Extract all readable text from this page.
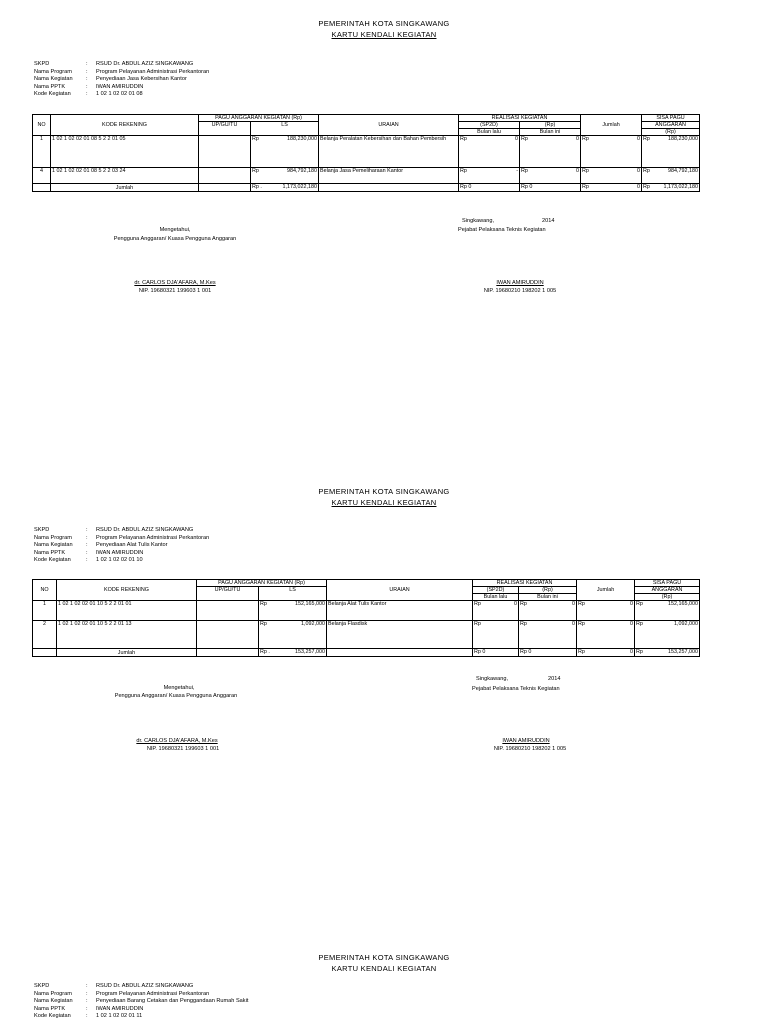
PEMERINTAH KOTA SINGKAWANG
KARTU KENDALI KEGIATAN
SKPD	: RSUD Dr. ABDUL AZIZ SINGKAWANG
Nama Program	: Program Pelayanan Administrasi Perkantoran
Nama Kegiatan : Penyediaan Jasa Kebersihan Kantor
Nama PPTK	: IWAN AMIRUDDIN
Kode Kegiatan	: 1 02 1 02 02 01 08
NO	KODE REKENING	PAGU ANGGARAN KEGIATAN (Rp)		URAIAN	REALISASI KEGIATAN		Jumlah	SISA PAGU
		UP/GU/TU	LS		(SP2D)	(Rp)		ANGGARAN
					Bulan lalu	Bulan ini		(Rp)
1	1 02 1 02 02 01 08 5 2 2 01 05		Rp 188,230,000	Belanja Peralatan Kebersihan dan Bahan Pembersih	Rp 0	Rp 0	Rp 0	Rp 188,230,000

4	1 02 1 02 02 01 08 5 2 2 03 24		Rp 984,792,180	Belanja Jasa Pemeliharaan Kantor	Rp -	Rp 0	Rp 0	Rp 984,792,180

	Jumlah		Rp . 1,173,022,180		Rp 0	Rp 0	Rp 0	Rp 1,173,022,180
Singkawang,	2014
Pejabat Pelaksana Teknis Kegiatan
Mengetahui,
Pengguna Anggaran/ Kuasa Pengguna Anggaran
dr. CARLOS DJA'AFARA, M.Kes
NIP. 19680321 199603 1 001
IWAN AMIRUDDIN
NIP. 19680210 198202 1 005
PEMERINTAH KOTA SINGKAWANG
KARTU KENDALI KEGIATAN
SKPD	: RSUD Dr. ABDUL AZIZ SINGKAWANG
Nama Program	: Program Pelayanan Administrasi Perkantoran
Nama Kegiatan : Penyediaan Alat Tulis Kantor
Nama PPTK	: IWAN AMIRUDDIN
Kode Kegiatan	: 1 02 1 02 02 01 10
NO	KODE REKENING	PAGU ANGGARAN KEGIATAN (Rp)		URAIAN	REALISASI KEGIATAN		Jumlah	SISA PAGU
		UP/GU/TU	LS		(SP2D)	(Rp)		ANGGARAN
					Bulan lalu	Bulan ini		(Rp)
1	1 02 1 02 02 01 10 5 2 2 01 01		Rp 152,165,000	Belanja Alat Tulis Kantor	Rp 0	Rp 0	Rp 0	Rp 152,165,000

2	1 02 1 02 02 01 10 5 2 2 01 13		Rp 1,092,000	Belanja Flasdisk	Rp	Rp 0	Rp 0	Rp 1,092,000

	Jumlah		Rp . 153,257,000		Rp 0	Rp 0	Rp 0	Rp 153,257,000
Singkawang,	2014
Pejabat Pelaksana Teknis Kegiatan
Mengetahui,
Pengguna Anggaran/ Kuasa Pengguna Anggaran
dr. CARLOS DJA'AFARA, M.Kes
NIP. 19680321 199603 1 001
IWAN AMIRUDDIN
NIP. 19680210 198202 1 005
PEMERINTAH KOTA SINGKAWANG
KARTU KENDALI KEGIATAN
SKPD	: RSUD Dr. ABDUL AZIZ SINGKAWANG
Nama Program	: Program Pelayanan Administrasi Perkantoran
Nama Kegiatan : Penyediaan Barang Cetakan dan Penggandaan Rumah Sakit
Nama PPTK	: IWAN AMIRUDDIN
Kode Kegiatan	: 1 02 1 02 02 01 11
